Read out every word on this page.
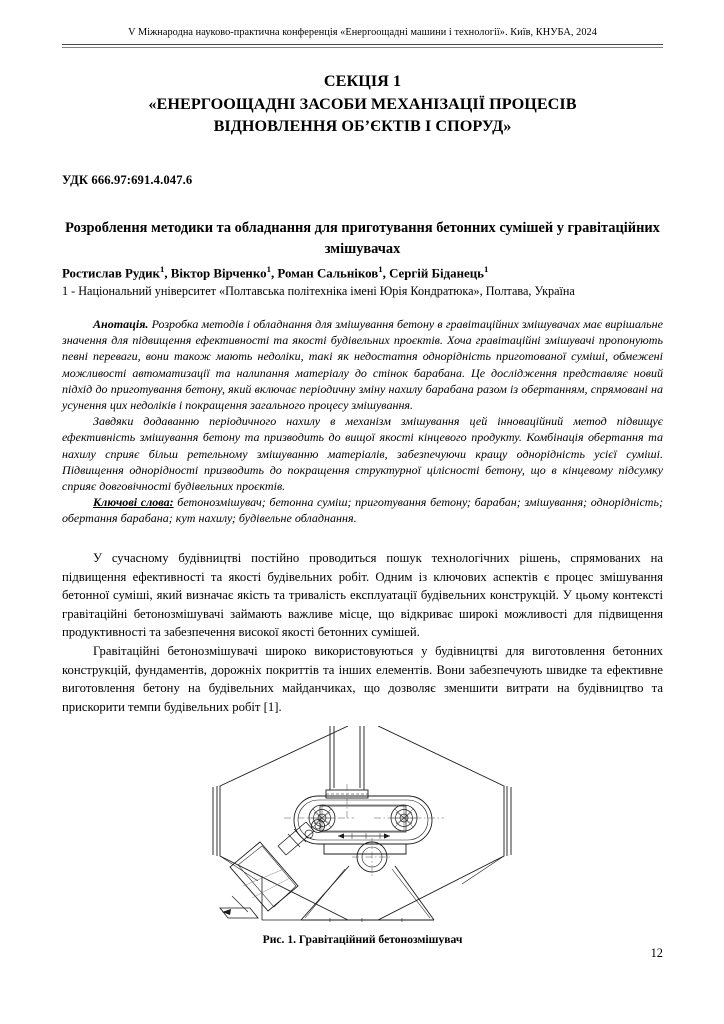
V Міжнародна науково-практична конференція «Енергоощадні машини і технології». Київ, КНУБА, 2024
СЕКЦІЯ 1
«ЕНЕРГООЩАДНІ ЗАСОБИ МЕХАНІЗАЦІЇ ПРОЦЕСІВ
ВІДНОВЛЕННЯ ОБ’ЄКТІВ І СПОРУД»
УДК 666.97:691.4.047.6
Розроблення методики та обладнання для приготування бетонних сумішей у гравітаційних змішувачах
Ростислав Рудик$^1$, Віктор Вірченко$^1$, Роман Сальніков$^1$, Сергій Біданець$^1$
1 - Національний університет «Полтавська політехніка імені Юрія Кондратюка», Полтава, Україна

Анотація. Розробка методів і обладнання для змішування бетону в гравітаційних змішувачах має вирішальне значення для підвищення ефективності та якості будівельних проєктів. Хоча гравітаційні змішувачі пропонують певні переваги, вони також мають недоліки, такі як недостатня однорідність приготованої суміші, обмежені можливості автоматизації та налипання матеріалу до стінок барабана. Це дослідження представляє новий підхід до приготування бетону, який включає періодичну зміну нахилу барабана разом із обертанням, спрямовані на усунення цих недоліків і покращення загального процесу змішування.

Завдяки додаванню періодичного нахилу в механізм змішування цей інноваційний метод підвищує ефективність змішування бетону та призводить до вищої якості кінцевого продукту. Комбінація обертання та нахилу сприяє більш ретельному змішуванню матеріалів, забезпечуючи кращу однорідність усієї суміші. Підвищення однорідності призводить до покращення структурної цілісності бетону, що в кінцевому підсумку сприяє довговічності будівельних проєктів.

Ключові слова: бетонозмішувач; бетонна суміш; приготування бетону; барабан; змішування; однорідність; обертання барабана; кут нахилу; будівельне обладнання.

У сучасному будівництві постійно проводиться пошук технологічних рішень, спрямованих на підвищення ефективності та якості будівельних робіт. Одним із ключових аспектів є процес змішування бетонної суміші, який визначає якість та тривалість експлуатації будівельних конструкцій. У цьому контексті гравітаційні бетонозмішувачі займають важливе місце, що відкриває широкі можливості для підвищення продуктивності та забезпечення високої якості бетонних сумішей.

Гравітаційні бетонозмішувачі широко використовуються у будівництві для виготовлення бетонних конструкцій, фундаментів, дорожніх покриттів та інших елементів. Вони забезпечують швидке та ефективне виготовлення бетону на будівельних майданчиках, що дозволяє зменшити витрати на будівництво та прискорити темпи будівельних робіт [1].

Рис. 1. Гравітаційний бетонозмішувач
12
